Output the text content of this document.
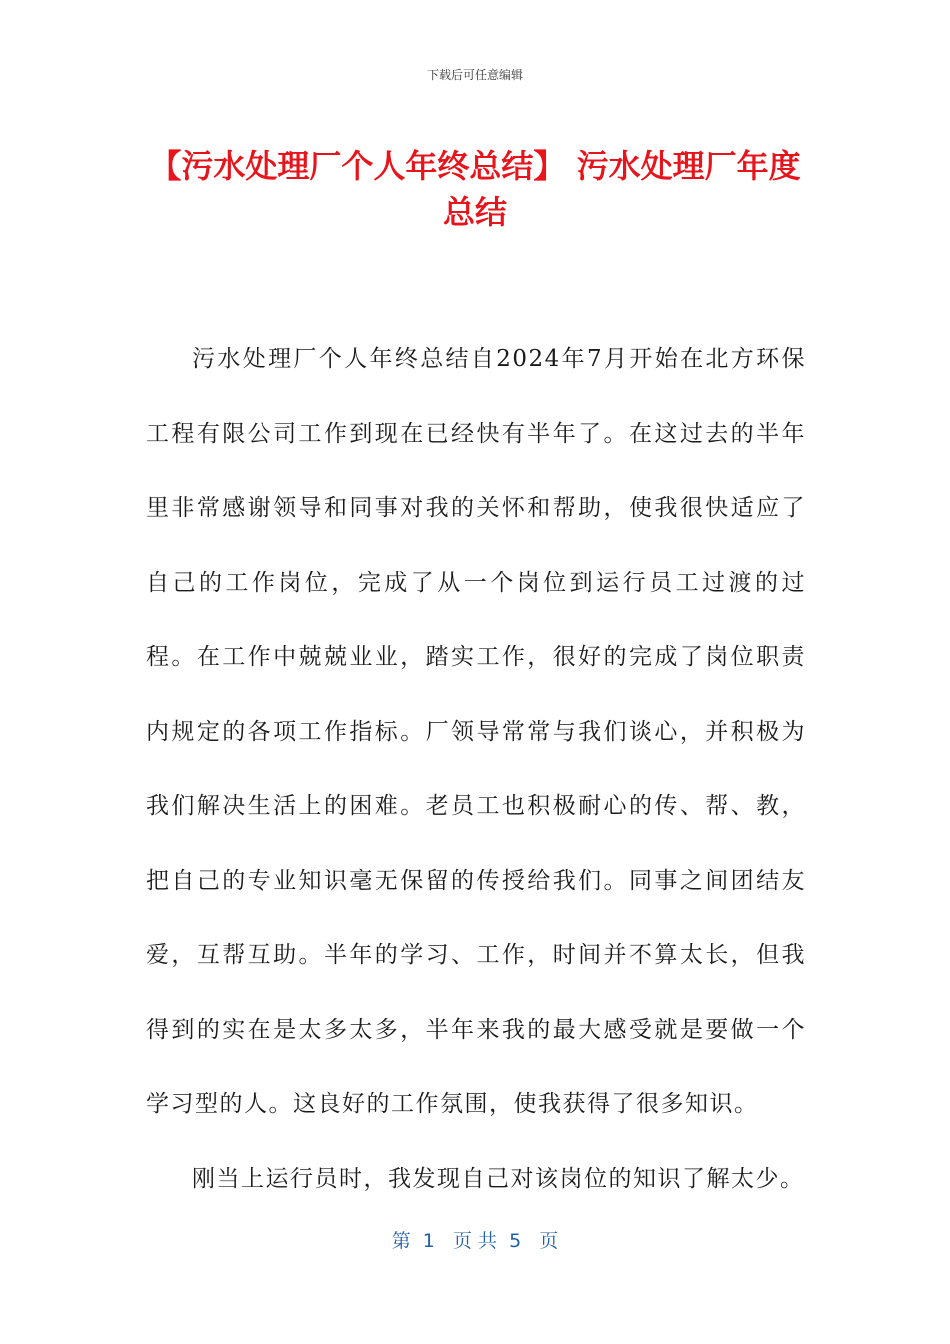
下载后可任意编辑
【污水处理厂个人年终总结】 污水处理厂年度总结

污水处理厂个人年终总结自2024年7月开始在北方环保工程有限公司工作到现在已经快有半年了。在这过去的半年里非常感谢领导和同事对我的关怀和帮助，使我很快适应了自己的工作岗位，完成了从一个岗位到运行员工过渡的过程。在工作中兢兢业业，踏实工作，很好的完成了岗位职责内规定的各项工作指标。厂领导常常与我们谈心，并积极为我们解决生活上的困难。老员工也积极耐心的传、帮、教，把自己的专业知识毫无保留的传授给我们。同事之间团结友爱，互帮互助。半年的学习、工作，时间并不算太长，但我得到的实在是太多太多，半年来我的最大感受就是要做一个学习型的人。这良好的工作氛围，使我获得了很多知识。

刚当上运行员时，我发现自己对该岗位的知识了解太少。

第  1   页 共  5   页
